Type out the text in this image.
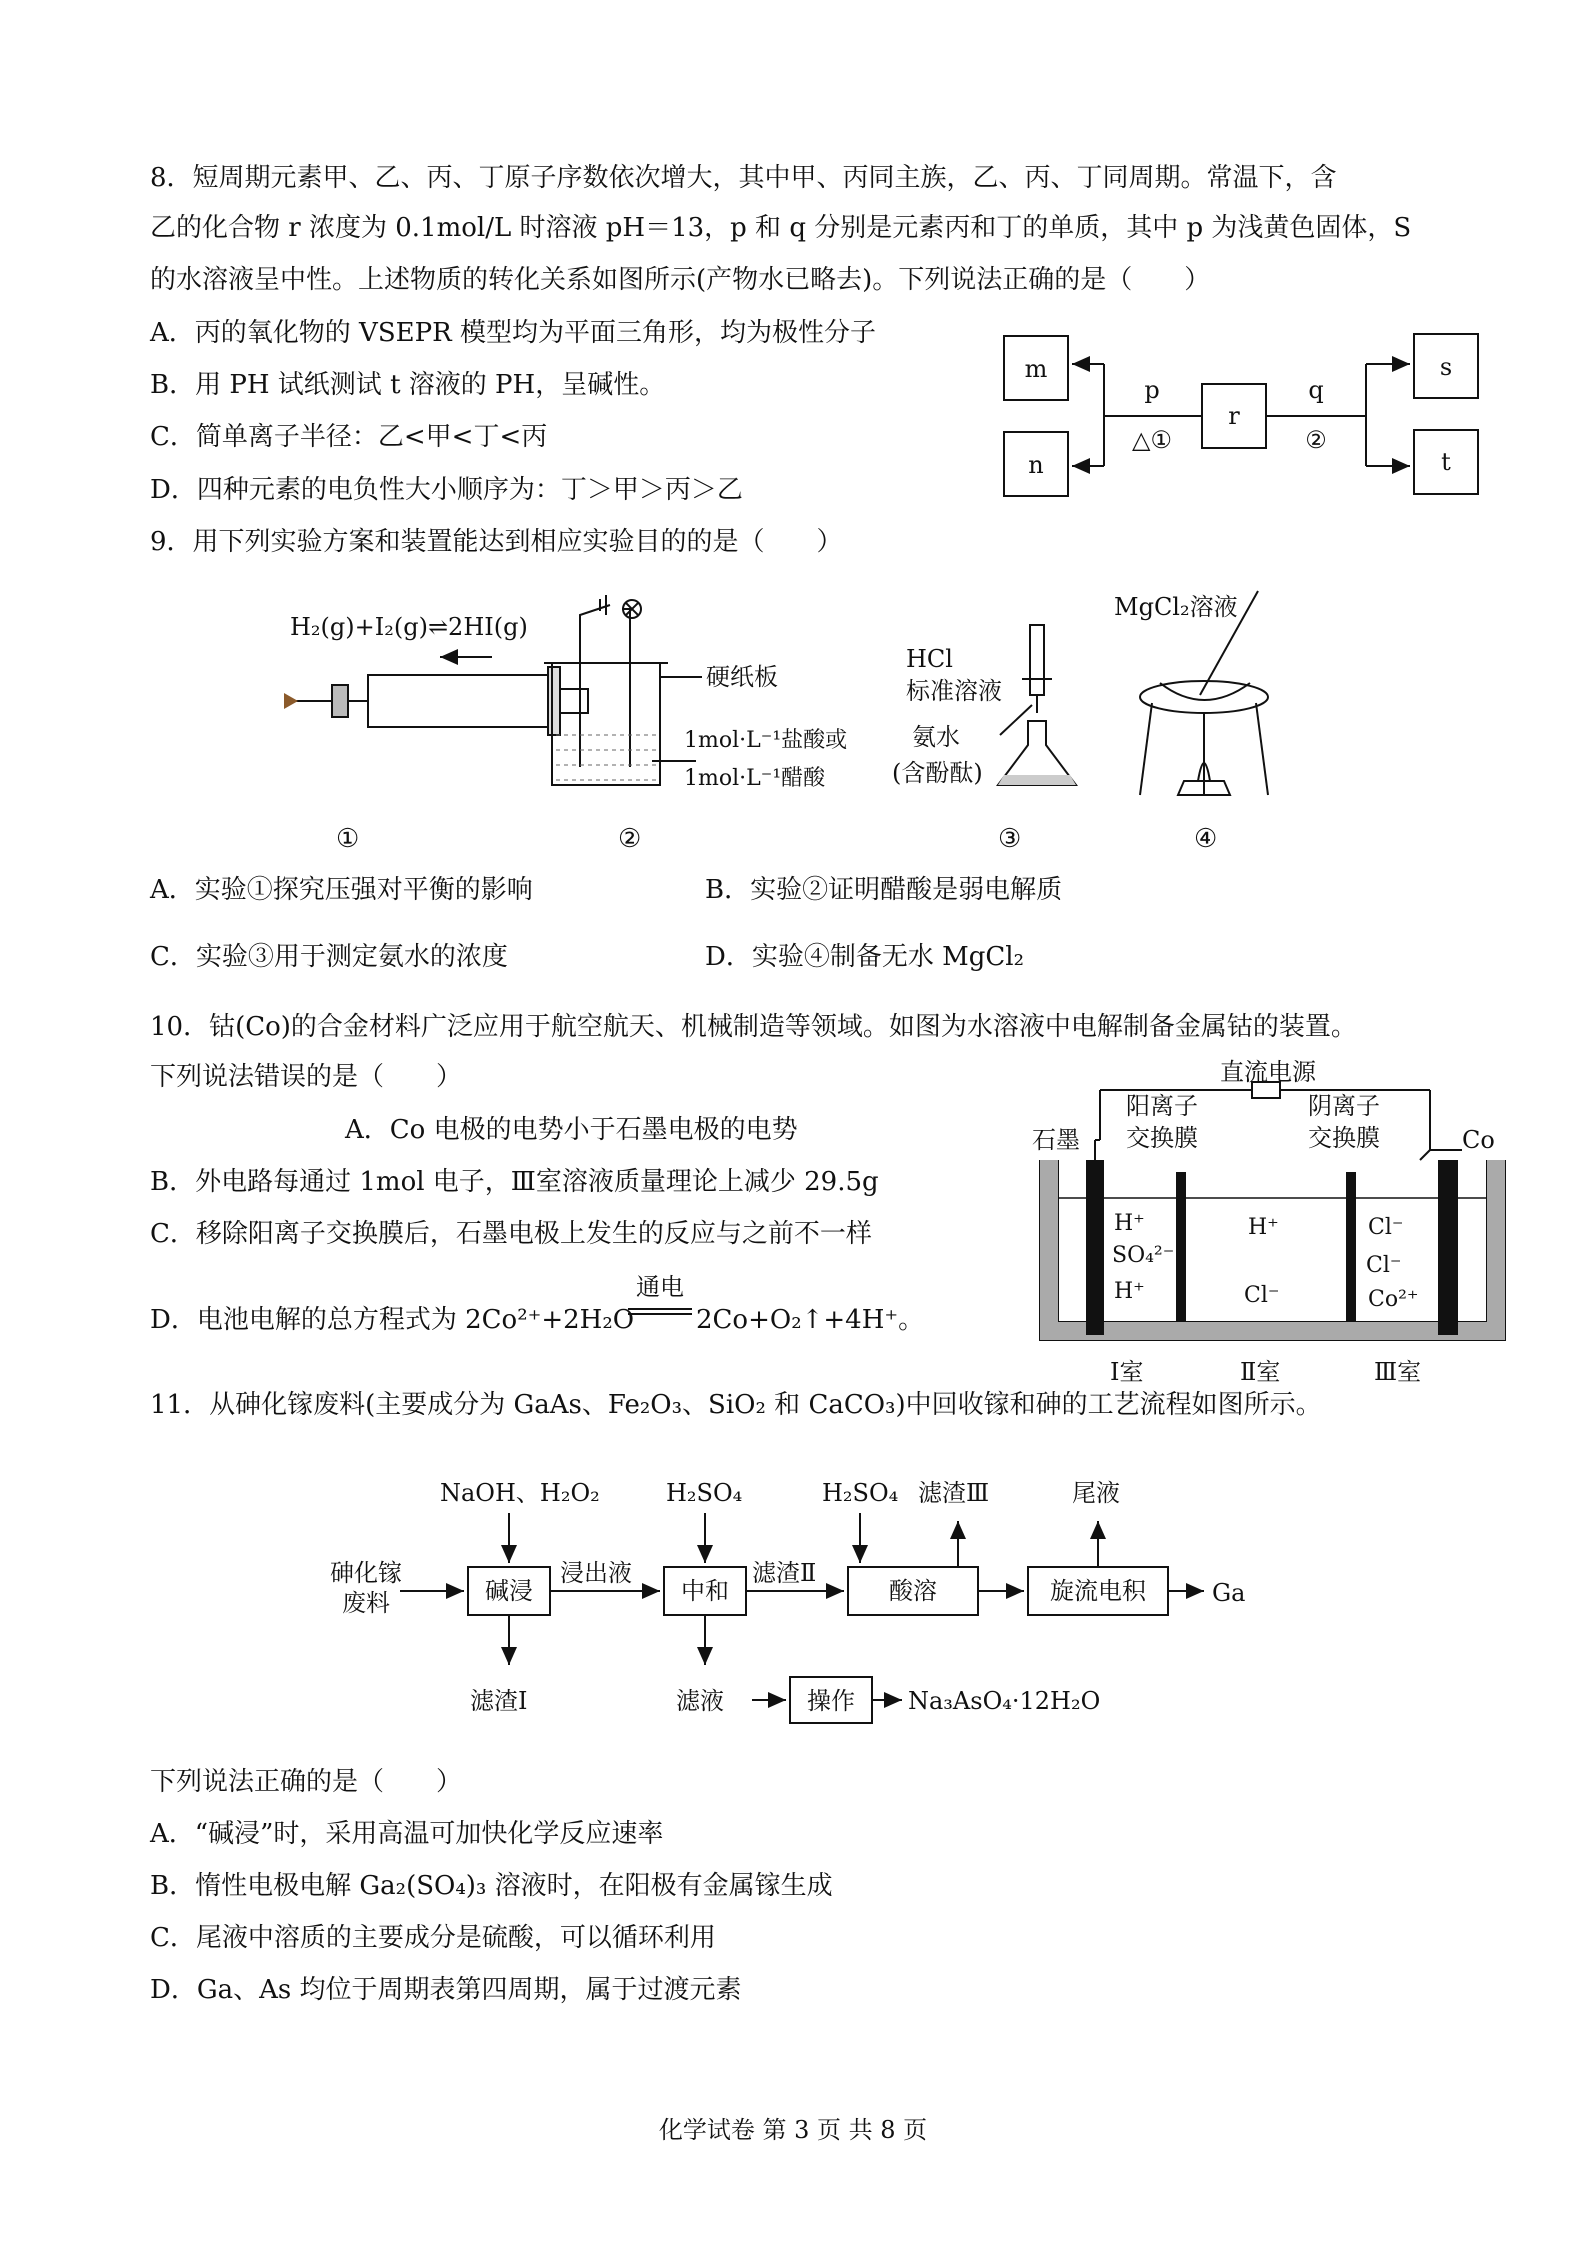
8．短周期元素甲、乙、丙、丁原子序数依次增大，其中甲、丙同主族，乙、丙、丁同周期。常温下，含
乙的化合物 r 浓度为 0.1mol/L 时溶液 pH＝13，p 和 q 分别是元素丙和丁的单质，其中 p 为浅黄色固体，S
的水溶液呈中性。上述物质的转化关系如图所示(产物水已略去)。下列说法正确的是（　　）
A．丙的氧化物的 VSEPR 模型均为平面三角形，均为极性分子
B．用 PH 试纸测试 t 溶液的 PH，呈碱性。
C．简单离子半径：乙<甲<丁<丙
D．四种元素的电负性大小顺序为：丁＞甲＞丙＞乙
m
n
r
s
t
p
△①
q
②
9．用下列实验方案和装置能达到相应实验目的的是（　　）
H₂(g)+I₂(g)⇌2HI(g)
硬纸板
1mol·L⁻¹盐酸或
1mol·L⁻¹醋酸
HCl
标准溶液
氨水
(含酚酞)
MgCl₂溶液
①	②	③	④
A．实验①探究压强对平衡的影响	B．实验②证明醋酸是弱电解质
C．实验③用于测定氨水的浓度	D．实验④制备无水 MgCl₂
10．钴(Co)的合金材料广泛应用于航空航天、机械制造等领域。如图为水溶液中电解制备金属钴的装置。
下列说法错误的是（　　）
A．Co 电极的电势小于石墨电极的电势
B．外电路每通过 1mol 电子，Ⅲ室溶液质量理论上减少 29.5g
C．移除阳离子交换膜后，石墨电极上发生的反应与之前不一样
D．电池电解的总方程式为 2Co²⁺+2H₂O
通电
2Co+O₂↑+4H⁺。
直流电源
石墨
阳离子
交换膜
阴离子
交换膜	Co
H⁺
SO₄²⁻
H⁺
H⁺
Cl⁻
Cl⁻
Cl⁻
Co²⁺
Ⅰ室	Ⅱ室	Ⅲ室
11．从砷化镓废料(主要成分为 GaAs、Fe₂O₃、SiO₂ 和 CaCO₃)中回收镓和砷的工艺流程如图所示。
NaOH、H₂O₂	H₂SO₄	H₂SO₄ 滤渣Ⅲ	尾液
砷化镓
废料	碱浸
浸出液
中和
滤渣Ⅱ
酸溶	旋流电积	Ga
滤渣Ⅰ	滤液	操作 Na₃AsO₄·12H₂O
下列说法正确的是（　　）
A．“碱浸”时，采用高温可加快化学反应速率
B．惰性电极电解 Ga₂(SO₄)₃ 溶液时，在阳极有金属镓生成
C．尾液中溶质的主要成分是硫酸，可以循环利用
D．Ga、As 均位于周期表第四周期，属于过渡元素
化学试卷 第 3 页 共 8 页
